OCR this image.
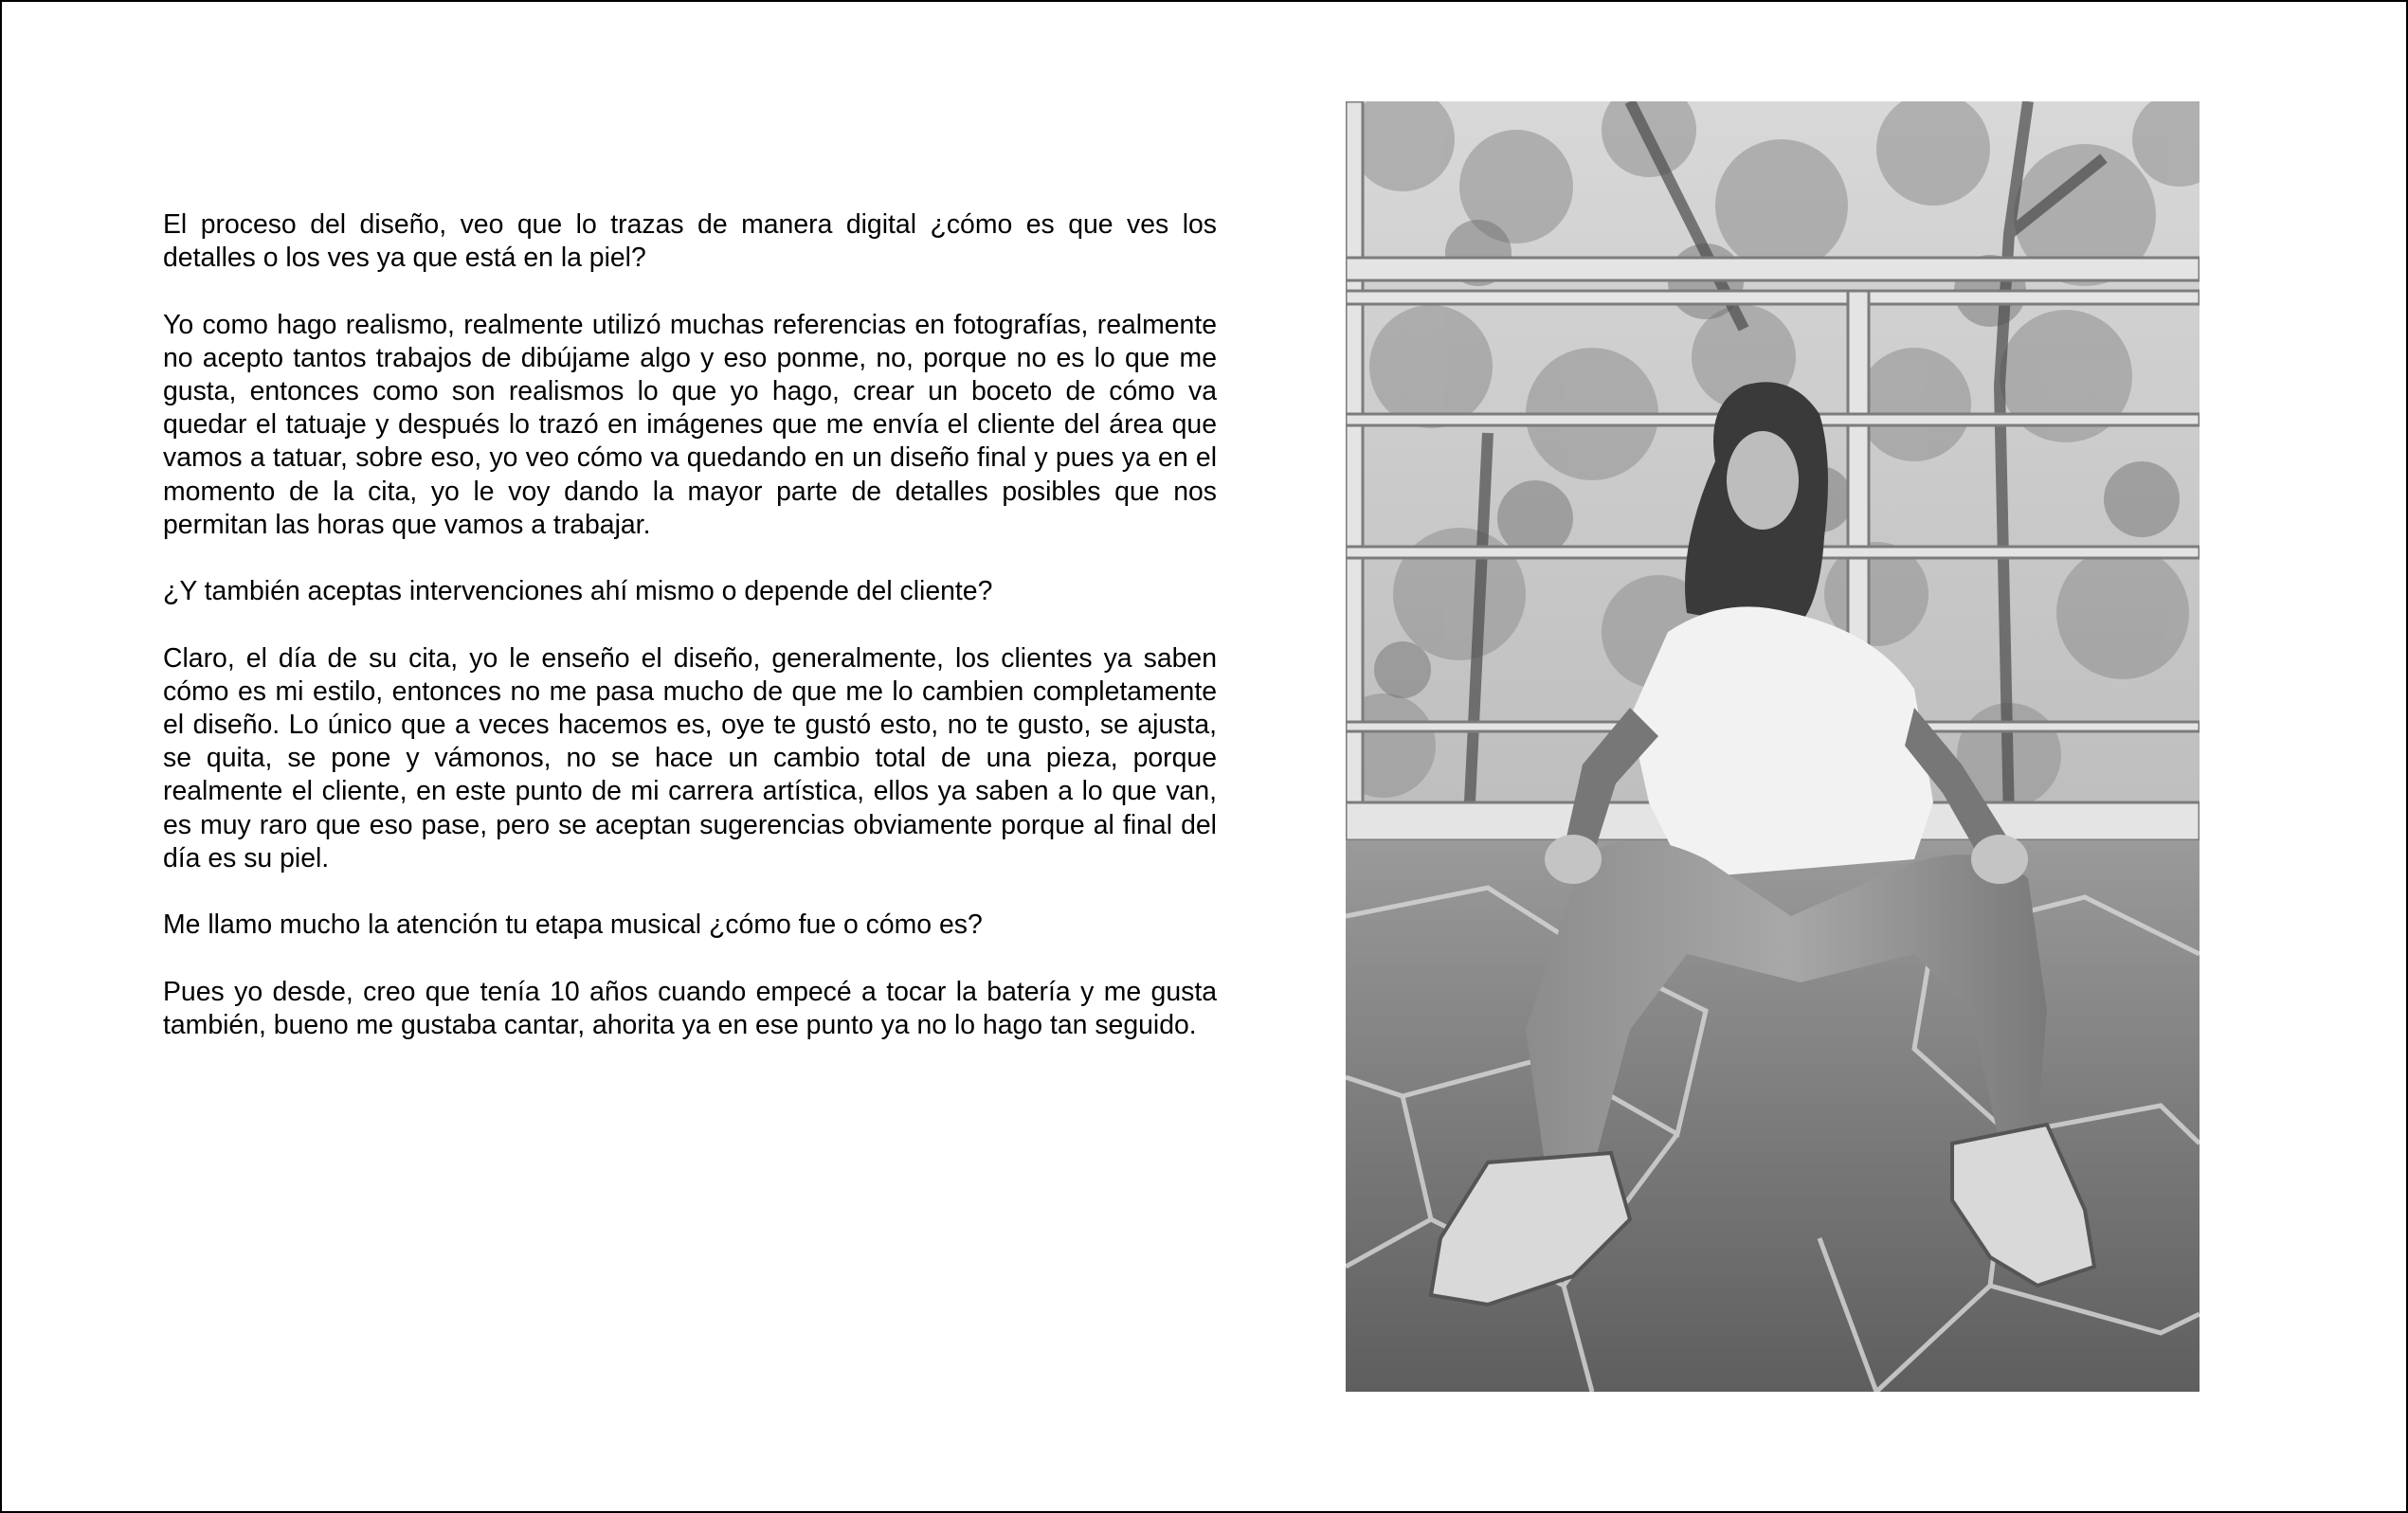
El proceso del diseño, veo que lo trazas de manera digital ¿cómo es que ves los detalles o los ves ya que está en la piel?

Yo como hago realismo, realmente utilizó muchas referencias en fotografías, realmente no acepto tantos trabajos de dibújame algo y eso ponme, no, porque no es lo que me gusta, entonces como son realismos lo que yo hago, crear un boceto de cómo va quedar el tatuaje y después lo trazó en imágenes que me envía el cliente del área que vamos a tatuar, sobre eso, yo veo cómo va quedando en un diseño final y pues ya en el momento de la cita, yo le voy dando la mayor parte de detalles posibles que nos permitan las horas que vamos a trabajar.

¿Y también aceptas intervenciones ahí mismo o depende del cliente?

Claro, el día de su cita, yo le enseño el diseño, generalmente, los clientes ya saben cómo es mi estilo, entonces no me pasa mucho de que me lo cambien completamente el diseño. Lo único que a veces hacemos es, oye te gustó esto, no te gusto, se ajusta, se quita, se pone y vámonos, no se hace un cambio total de una pieza, porque realmente el cliente, en este punto de mi carrera artística, ellos ya saben a lo que van, es muy raro que eso pase, pero se aceptan sugerencias obviamente porque al final del día es su piel.

Me llamo mucho la atención tu etapa musical ¿cómo fue o cómo es?

Pues yo desde, creo que tenía 10 años cuando empecé a tocar la batería y me gusta también, bueno me gustaba cantar, ahorita ya en ese punto ya no lo hago tan seguido.
